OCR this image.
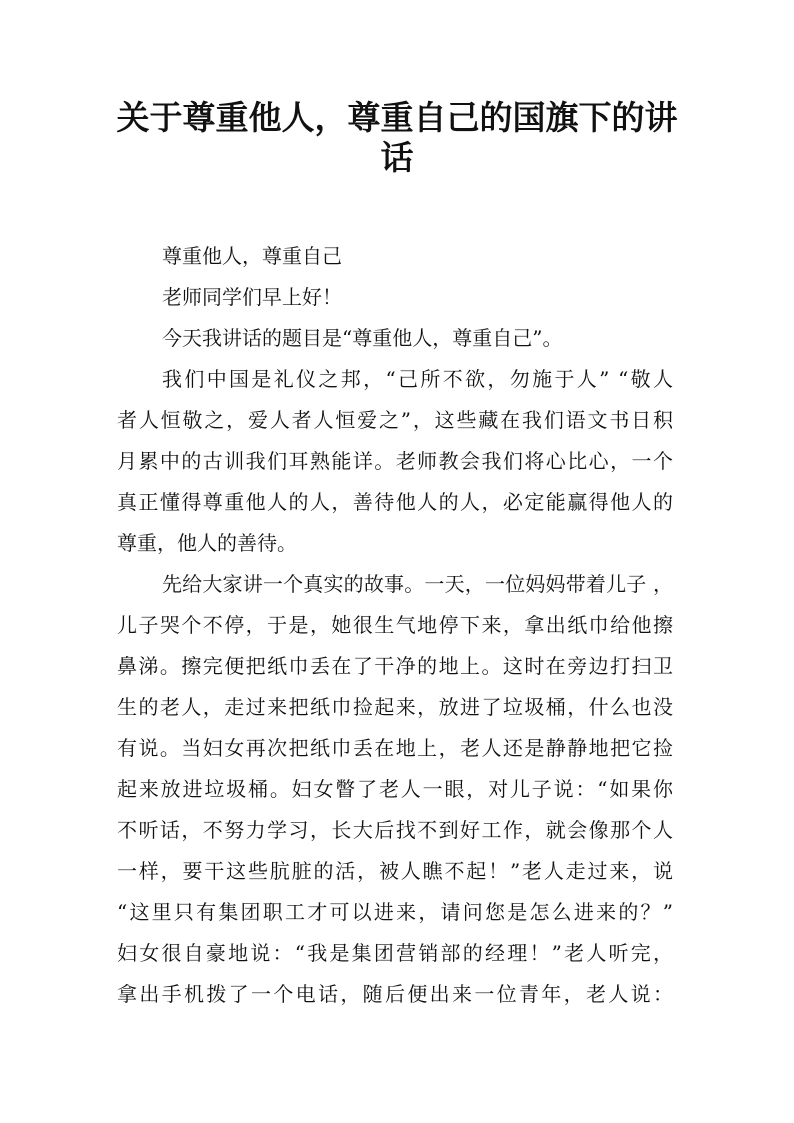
关于尊重他人，尊重自己的国旗下的讲
话
尊重他人，尊重自己
老师同学们早上好！
今天我讲话的题目是“尊重他人，尊重自己”。
我们中国是礼仪之邦，“己所不欲，勿施于人” “敬人
者人恒敬之，爱人者人恒爱之”，这些藏在我们语文书日积
月累中的古训我们耳熟能详。老师教会我们将心比心，一个
真正懂得尊重他人的人，善待他人的人，必定能赢得他人的
尊重，他人的善待。
先给大家讲一个真实的故事。一天，一位妈妈带着儿子 ，
儿子哭个不停，于是，她很生气地停下来，拿出纸巾给他擦
鼻涕。擦完便把纸巾丢在了干净的地上。这时在旁边打扫卫
生的老人，走过来把纸巾捡起来，放进了垃圾桶，什么也没
有说。当妇女再次把纸巾丢在地上，老人还是静静地把它捡
起来放进垃圾桶。妇女瞥了老人一眼，对儿子说：“如果你
不听话，不努力学习，长大后找不到好工作，就会像那个人
一样，要干这些肮脏的活，被人瞧不起！”老人走过来，说
“这里只有集团职工才可以进来，请问您是怎么进来的？”
妇女很自豪地说：“我是集团营销部的经理！”老人听完，
拿出手机拨了一个电话，随后便出来一位青年，老人说：
